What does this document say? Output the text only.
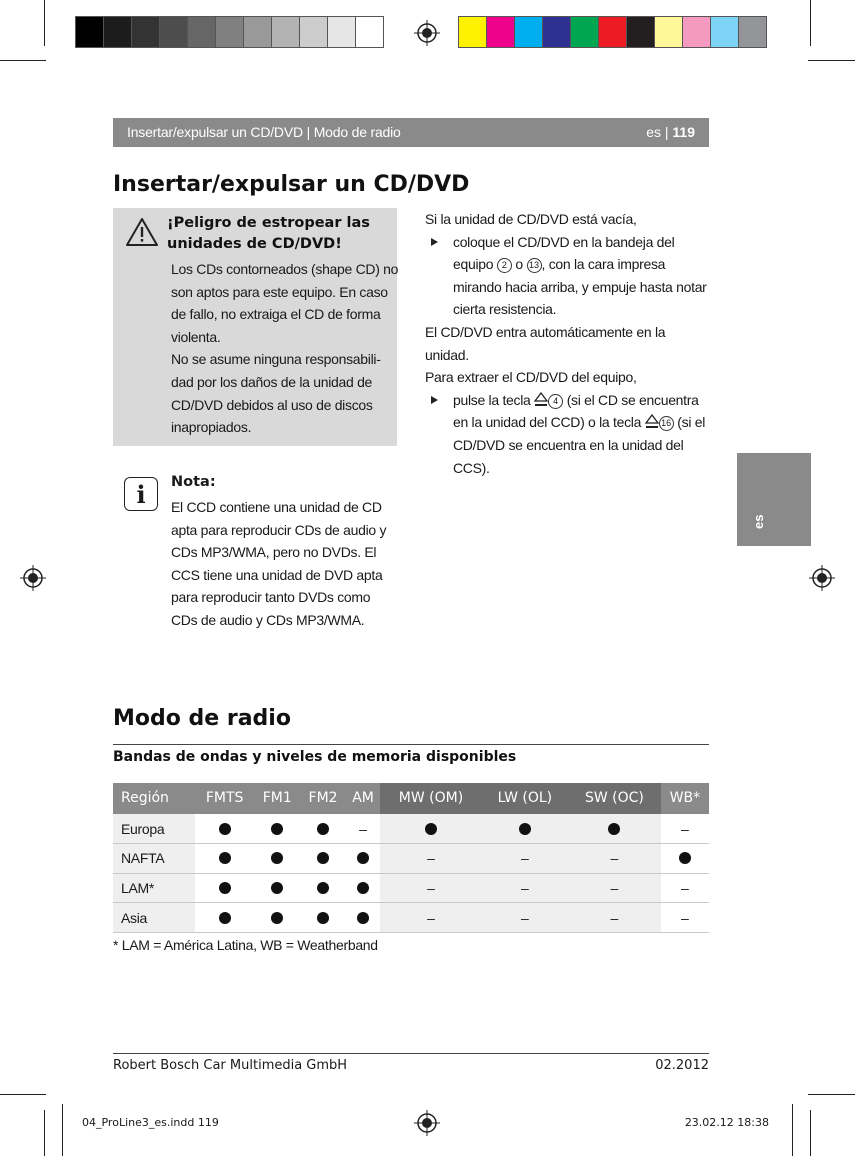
Insertar/expulsar un CD/DVD | Modo de radio	es | 119
es
Insertar/expulsar un CD/DVD
¡Peligro de estropear las unidades de CD/DVD!

Los CDs contorneados (shape CD) no son aptos para este equipo. En caso de fallo, no extraiga el CD de forma violenta.

No se asume ninguna responsabili-dad por los daños de la unidad de CD/DVD debidos al uso de discos inapropiados.

i	Nota:
El CCD contiene una unidad de CD apta para reproducir CDs de audio y CDs MP3/WMA, pero no DVDs. El CCS tiene una unidad de DVD apta para reproducir tanto DVDs como CDs de audio y CDs MP3/WMA.

Si la unidad de CD/DVD está vacía,

coloque el CD/DVD en la bandeja del equipo 2 o 13 , con la cara impresa mirando hacia arriba, y empuje hasta notar cierta resistencia.

El CD/DVD entra automáticamente en la unidad.

Para extraer el CD/DVD del equipo,

pulse la tecla 4 (si el CD se encuentra en la unidad del CCD) o la tecla 16 (si el CD/DVD se encuentra en la unidad del CCS).

Modo de radio
Bandas de ondas y niveles de memoria disponibles
Región	FMTS	FM1	FM2	AM	MW (OM)	LW (OL)	SW (OC)	WB*
Europa				–				–
NAFTA					–	–	–	
LAM*					–	–	–	–
Asia					–	–	–	–
* LAM = América Latina, WB = Weatherband
Robert Bosch Car Multimedia GmbH	02.2012
04_ProLine3_es.indd 119	23.02.12 18:38
